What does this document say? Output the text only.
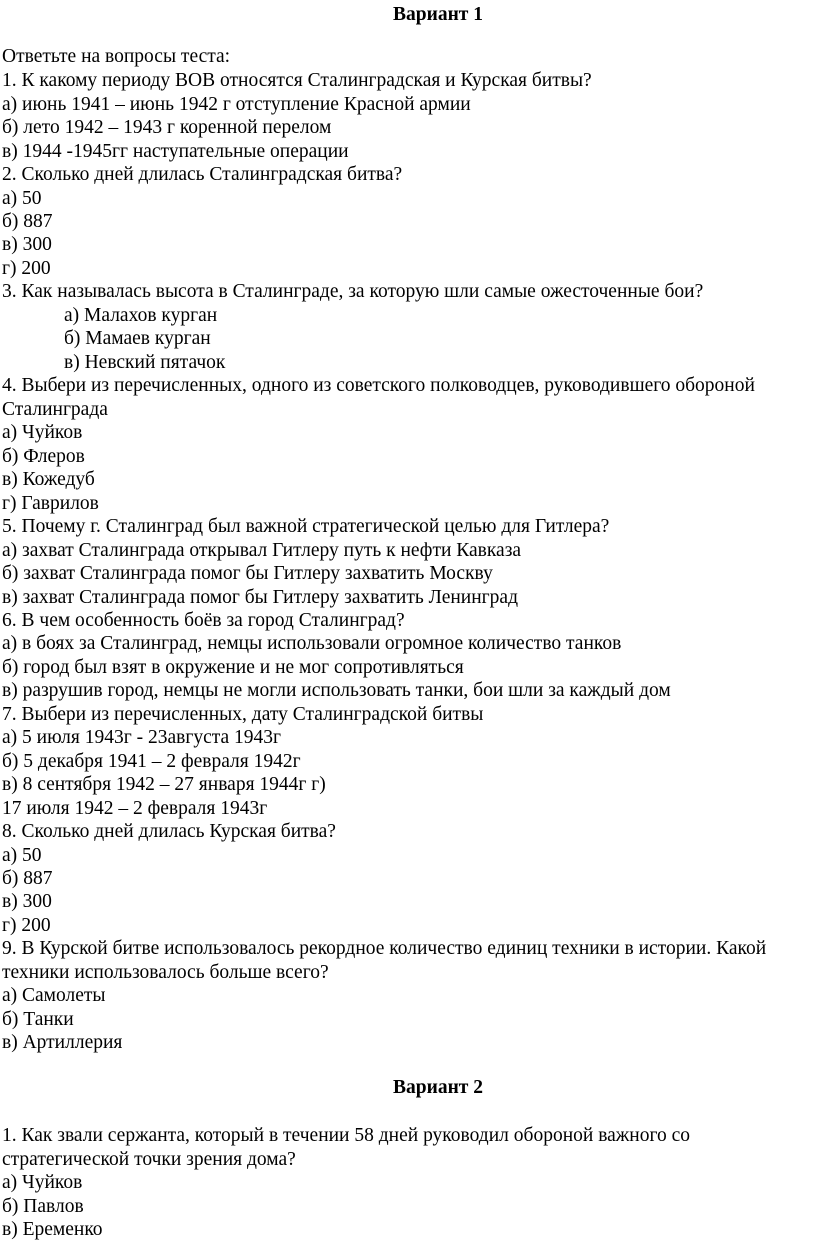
Вариант 1
Ответьте на вопросы теста:
1. К какому периоду ВОВ относятся Сталинградская и Курская битвы?
а) июнь 1941 – июнь 1942 г отступление Красной армии
б) лето 1942 – 1943 г коренной перелом
в) 1944 -1945гг наступательные операции
2. Сколько дней длилась Сталинградская битва?
а) 50
б) 887
в) 300
г) 200
3. Как называлась высота в Сталинграде, за которую шли самые ожесточенные бои?
а) Малахов курган
б) Мамаев курган
в) Невский пятачок
4. Выбери из перечисленных, одного из советского полководцев, руководившего обороной
Сталинграда
а) Чуйков
б) Флеров
в) Кожедуб
г) Гаврилов
5. Почему г. Сталинград был важной стратегической целью для Гитлера?
а) захват Сталинграда открывал Гитлеру путь к нефти Кавказа
б) захват Сталинграда помог бы Гитлеру захватить Москву
в) захват Сталинграда помог бы Гитлеру захватить Ленинград
6. В чем особенность боёв за город Сталинград?
а) в боях за Сталинград, немцы использовали огромное количество танков
б) город был взят в окружение и не мог сопротивляться
в) разрушив город, немцы не могли использовать танки, бои шли за каждый дом
7. Выбери из перечисленных, дату Сталинградской битвы
а) 5 июля 1943г - 23августа 1943г
б) 5 декабря 1941 – 2 февраля 1942г
в) 8 сентября 1942 – 27 января 1944г г)
17 июля 1942 – 2 февраля 1943г
8. Сколько дней длилась Курская битва?
а) 50
б) 887
в) 300
г) 200
9. В Курской битве использовалось рекордное количество единиц техники в истории. Какой
техники использовалось больше всего?
а) Самолеты
б) Танки
в) Артиллерия
Вариант 2
1. Как звали сержанта, который в течении 58 дней руководил обороной важного со
стратегической точки зрения дома?
а) Чуйков
б) Павлов
в) Еременко
